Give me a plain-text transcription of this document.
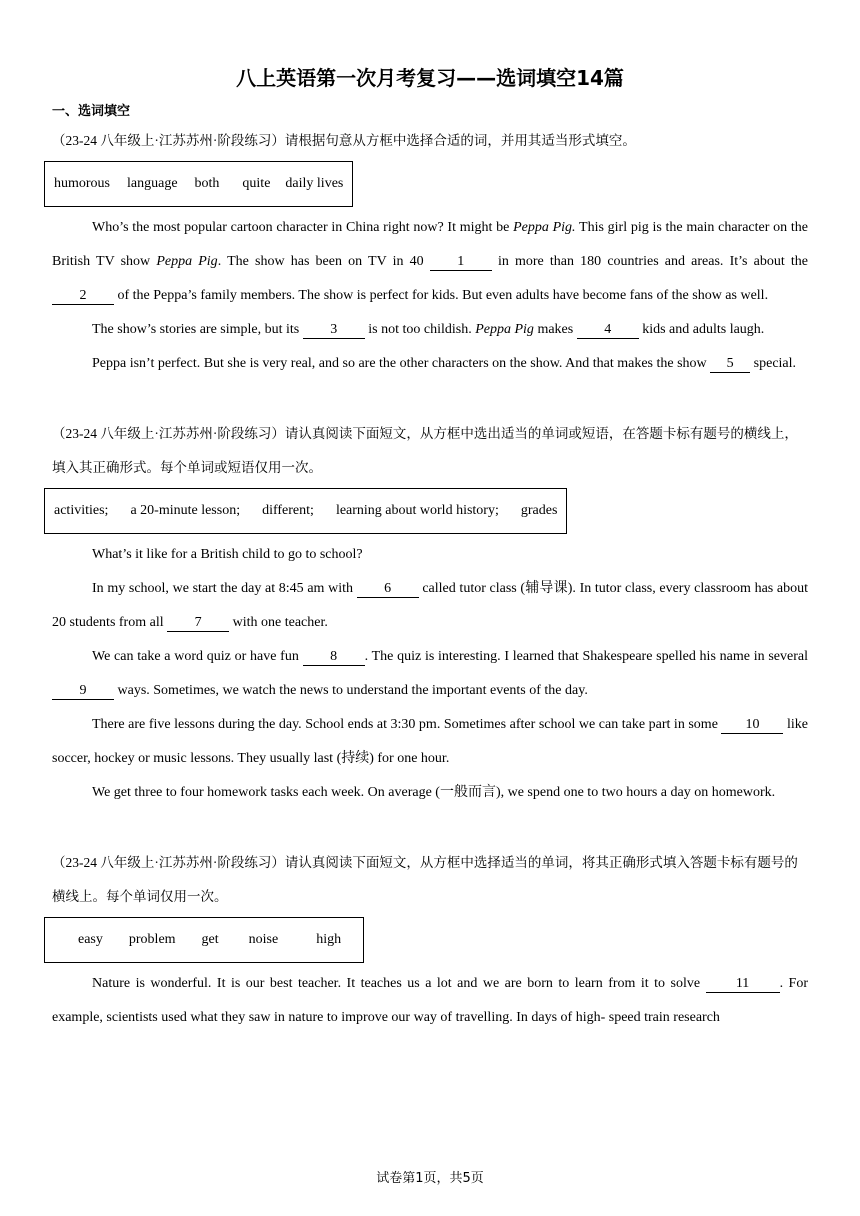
八上英语第一次月考复习——选词填空14篇
一、选词填空

（23-24 八年级上·江苏苏州·阶段练习）请根据句意从方框中选择合适的词，并用其适当形式填空。

humorous language both quite daily lives

Who’s the most popular cartoon character in China right now? It might be Peppa Pig. This girl pig is the main character on the British TV show Peppa Pig. The show has been on TV in 40 1 in more than 180 countries and areas. It’s about the 2 of the Peppa’s family members. The show is perfect for kids. But even adults have become fans of the show as well.

The show’s stories are simple, but its 3 is not too childish. Peppa Pig makes 4 kids and adults laugh.

Peppa isn’t perfect. But she is very real, and so are the other characters on the show. And that makes the show 5 special.

（23-24 八年级上·江苏苏州·阶段练习）请认真阅读下面短文，从方框中选出适当的单词或短语，在答题卡标有题号的横线上，填入其正确形式。每个单词或短语仅用一次。

activities; a 20-minute lesson; different; learning about world history; grades

What’s it like for a British child to go to school?

In my school, we start the day at 8:45 am with 6 called tutor class (辅导课). In tutor class, every classroom has about 20 students from all 7 with one teacher.

We can take a word quiz or have fun 8 . The quiz is interesting. I learned that Shakespeare spelled his name in several 9 ways. Sometimes, we watch the news to understand the important events of the day.

There are five lessons during the day. School ends at 3:30 pm. Sometimes after school we can take part in some 10 like soccer, hockey or music lessons. They usually last (持续) for one hour.

We get three to four homework tasks each week. On average (一般而言), we spend one to two hours a day on homework.

（23-24 八年级上·江苏苏州·阶段练习）请认真阅读下面短文，从方框中选择适当的单词，将其正确形式填入答题卡标有题号的横线上。每个单词仅用一次。

easy problem get noise	high

Nature is wonderful. It is our best teacher. It teaches us a lot and we are born to learn from it to solve 11 . For example, scientists used what they saw in nature to improve our way of travelling. In days of high- speed train research

试卷第1页，共5页
